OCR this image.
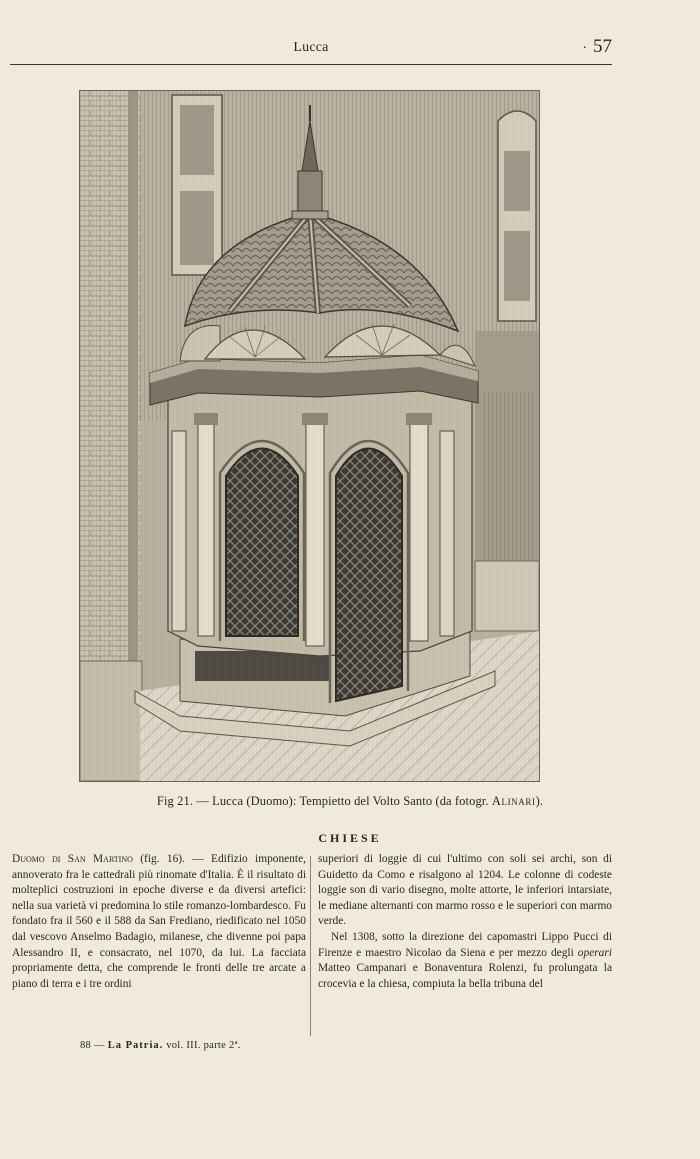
Lucca
·	57
Fig 21. — Lucca (Duomo): Tempietto del Volto Santo (da fotogr. Alinari).
CHIESE

Duomo di San Martino (fig. 16). — Edifizio imponente, annoverato fra le cattedrali più rinomate d'Italia. È il risultato di molteplici costruzioni in epoche diverse e da diversi artefici: nella sua varietà vi predomina lo stile romanzo-lombardesco. Fu fondato fra il 560 e il 588 da San Frediano, riedificato nel 1050 dal vescovo Anselmo Badagio, milanese, che divenne poi papa Alessandro II, e consacrato, nel 1070, da lui. La facciata propriamente detta, che comprende le fronti delle tre arcate a piano di terra e i tre ordini

superiori di loggie di cui l'ultimo con soli sei archi, son di Guidetto da Como e risalgono al 1204. Le colonne di codeste loggie son di vario disegno, molte attorte, le inferiori intarsiate, le mediane alternanti con marmo rosso e le superiori con marmo verde.

Nel 1308, sotto la direzione dei capomastri Lippo Pucci di Firenze e maestro Nicolao da Siena e per mezzo degli operari Matteo Campanari e Bonaventura Rolenzi, fu prolungata la crocevia e la chiesa, compiuta la bella tribuna del

88 — La Patria. vol. III. parte 2ª.
